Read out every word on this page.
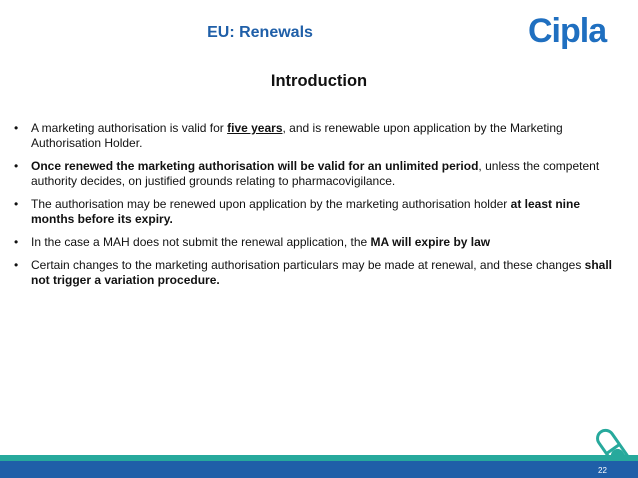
EU: Renewals	Cipla
Introduction
• A marketing authorisation is valid for five years, and is renewable upon application by the Marketing Authorisation Holder.
• Once renewed the marketing authorisation will be valid for an unlimited period, unless the competent authority decides, on justified grounds relating to pharmacovigilance.
• The authorisation may be renewed upon application by the marketing authorisation holder at least nine months before its expiry.
• In the case a MAH does not submit the renewal application, the MA will expire by law
• Certain changes to the marketing authorisation particulars may be made at renewal, and these changes shall not trigger a variation procedure.
22
